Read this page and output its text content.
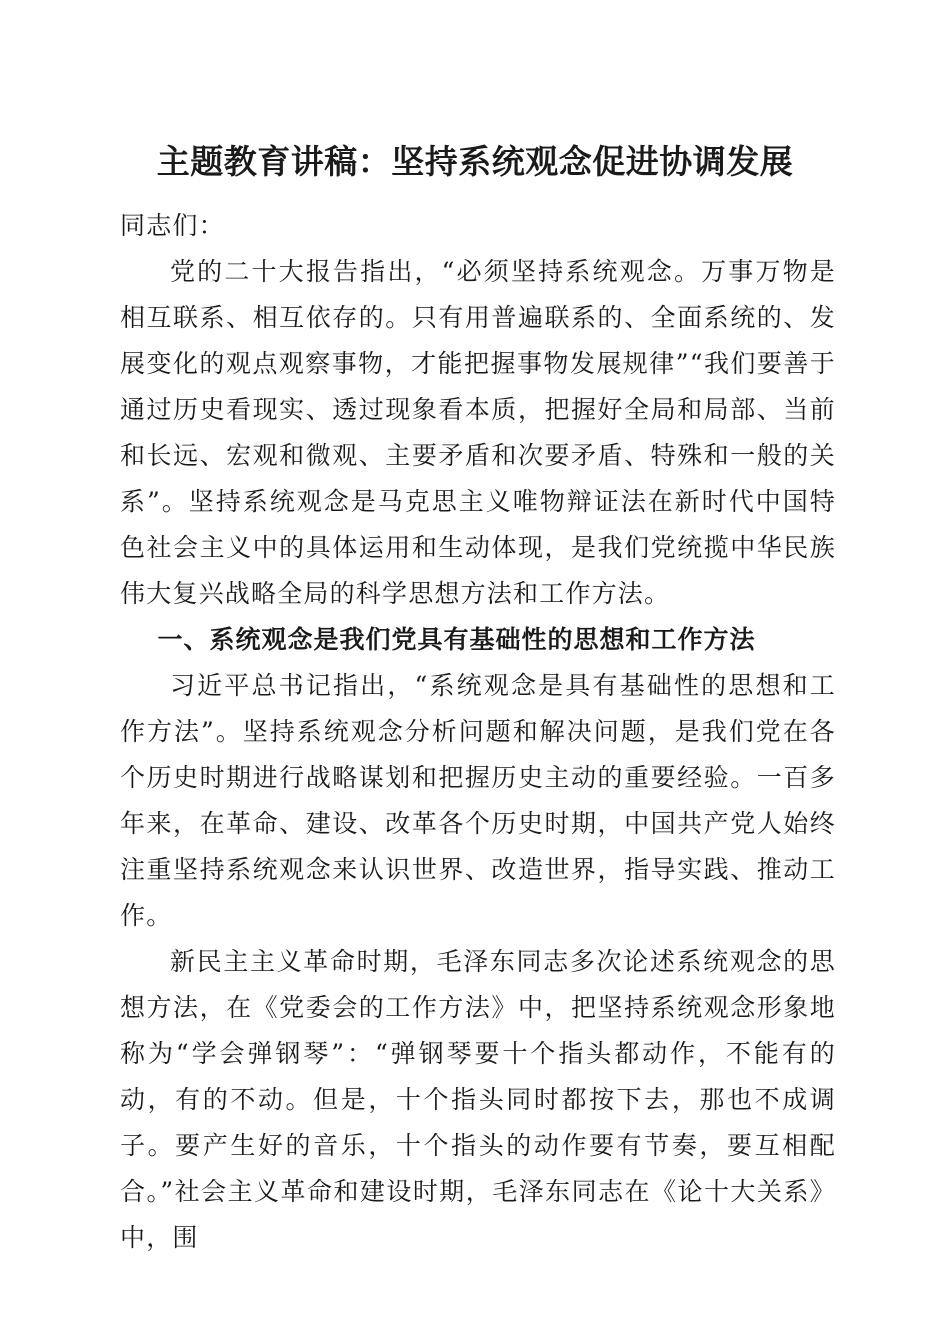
主题教育讲稿：坚持系统观念促进协调发展

同志们：

党的二十大报告指出，“必须坚持系统观念。万事万物是相互联系、相互依存的。只有用普遍联系的、全面系统的、发展变化的观点观察事物，才能把握事物发展规律”“我们要善于通过历史看现实、透过现象看本质，把握好全局和局部、当前和长远、宏观和微观、主要矛盾和次要矛盾、特殊和一般的关系”。坚持系统观念是马克思主义唯物辩证法在新时代中国特色社会主义中的具体运用和生动体现，是我们党统揽中华民族伟大复兴战略全局的科学思想方法和工作方法。

一、系统观念是我们党具有基础性的思想和工作方法

习近平总书记指出，“系统观念是具有基础性的思想和工作方法”。坚持系统观念分析问题和解决问题，是我们党在各个历史时期进行战略谋划和把握历史主动的重要经验。一百多年来，在革命、建设、改革各个历史时期，中国共产党人始终注重坚持系统观念来认识世界、改造世界，指导实践、推动工作。

新民主主义革命时期，毛泽东同志多次论述系统观念的思想方法，在《党委会的工作方法》中，把坚持系统观念形象地称为“学会弹钢琴”：“弹钢琴要十个指头都动作，不能有的动，有的不动。但是，十个指头同时都按下去，那也不成调子。要产生好的音乐，十个指头的动作要有节奏，要互相配合。”社会主义革命和建设时期，毛泽东同志在《论十大关系》中，围
